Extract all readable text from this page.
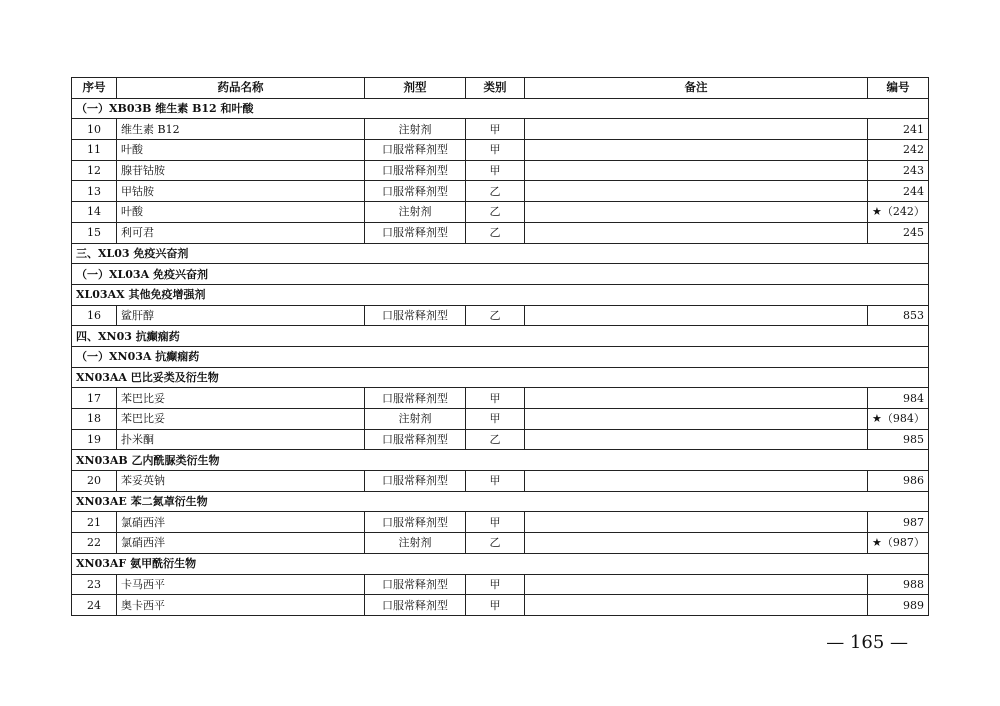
序号	药品名称	剂型	类别	备注	编号
（一）XB03B 维生素 B12 和叶酸					
10	维生素 B12	注射剂	甲		241
11	叶酸	口服常释剂型	甲		242
12	腺苷钴胺	口服常释剂型	甲		243
13	甲钴胺	口服常释剂型	乙		244
14	叶酸	注射剂	乙		★（242）
15	利可君	口服常释剂型	乙		245
三、XL03 免疫兴奋剂					
（一）XL03A 免疫兴奋剂					
XL03AX 其他免疫增强剂					
16	鲨肝醇	口服常释剂型	乙		853
四、XN03 抗癫痫药					
（一）XN03A 抗癫痫药					
XN03AA 巴比妥类及衍生物					
17	苯巴比妥	口服常释剂型	甲		984
18	苯巴比妥	注射剂	甲		★（984）
19	扑米酮	口服常释剂型	乙		985
XN03AB 乙内酰脲类衍生物					
20	苯妥英钠	口服常释剂型	甲		986
XN03AE 苯二氮䓬衍生物					
21	氯硝西泮	口服常释剂型	甲		987
22	氯硝西泮	注射剂	乙		★（987）
XN03AF 氨甲酰衍生物					
23	卡马西平	口服常释剂型	甲		988
24	奥卡西平	口服常释剂型	甲		989
— 165 —
